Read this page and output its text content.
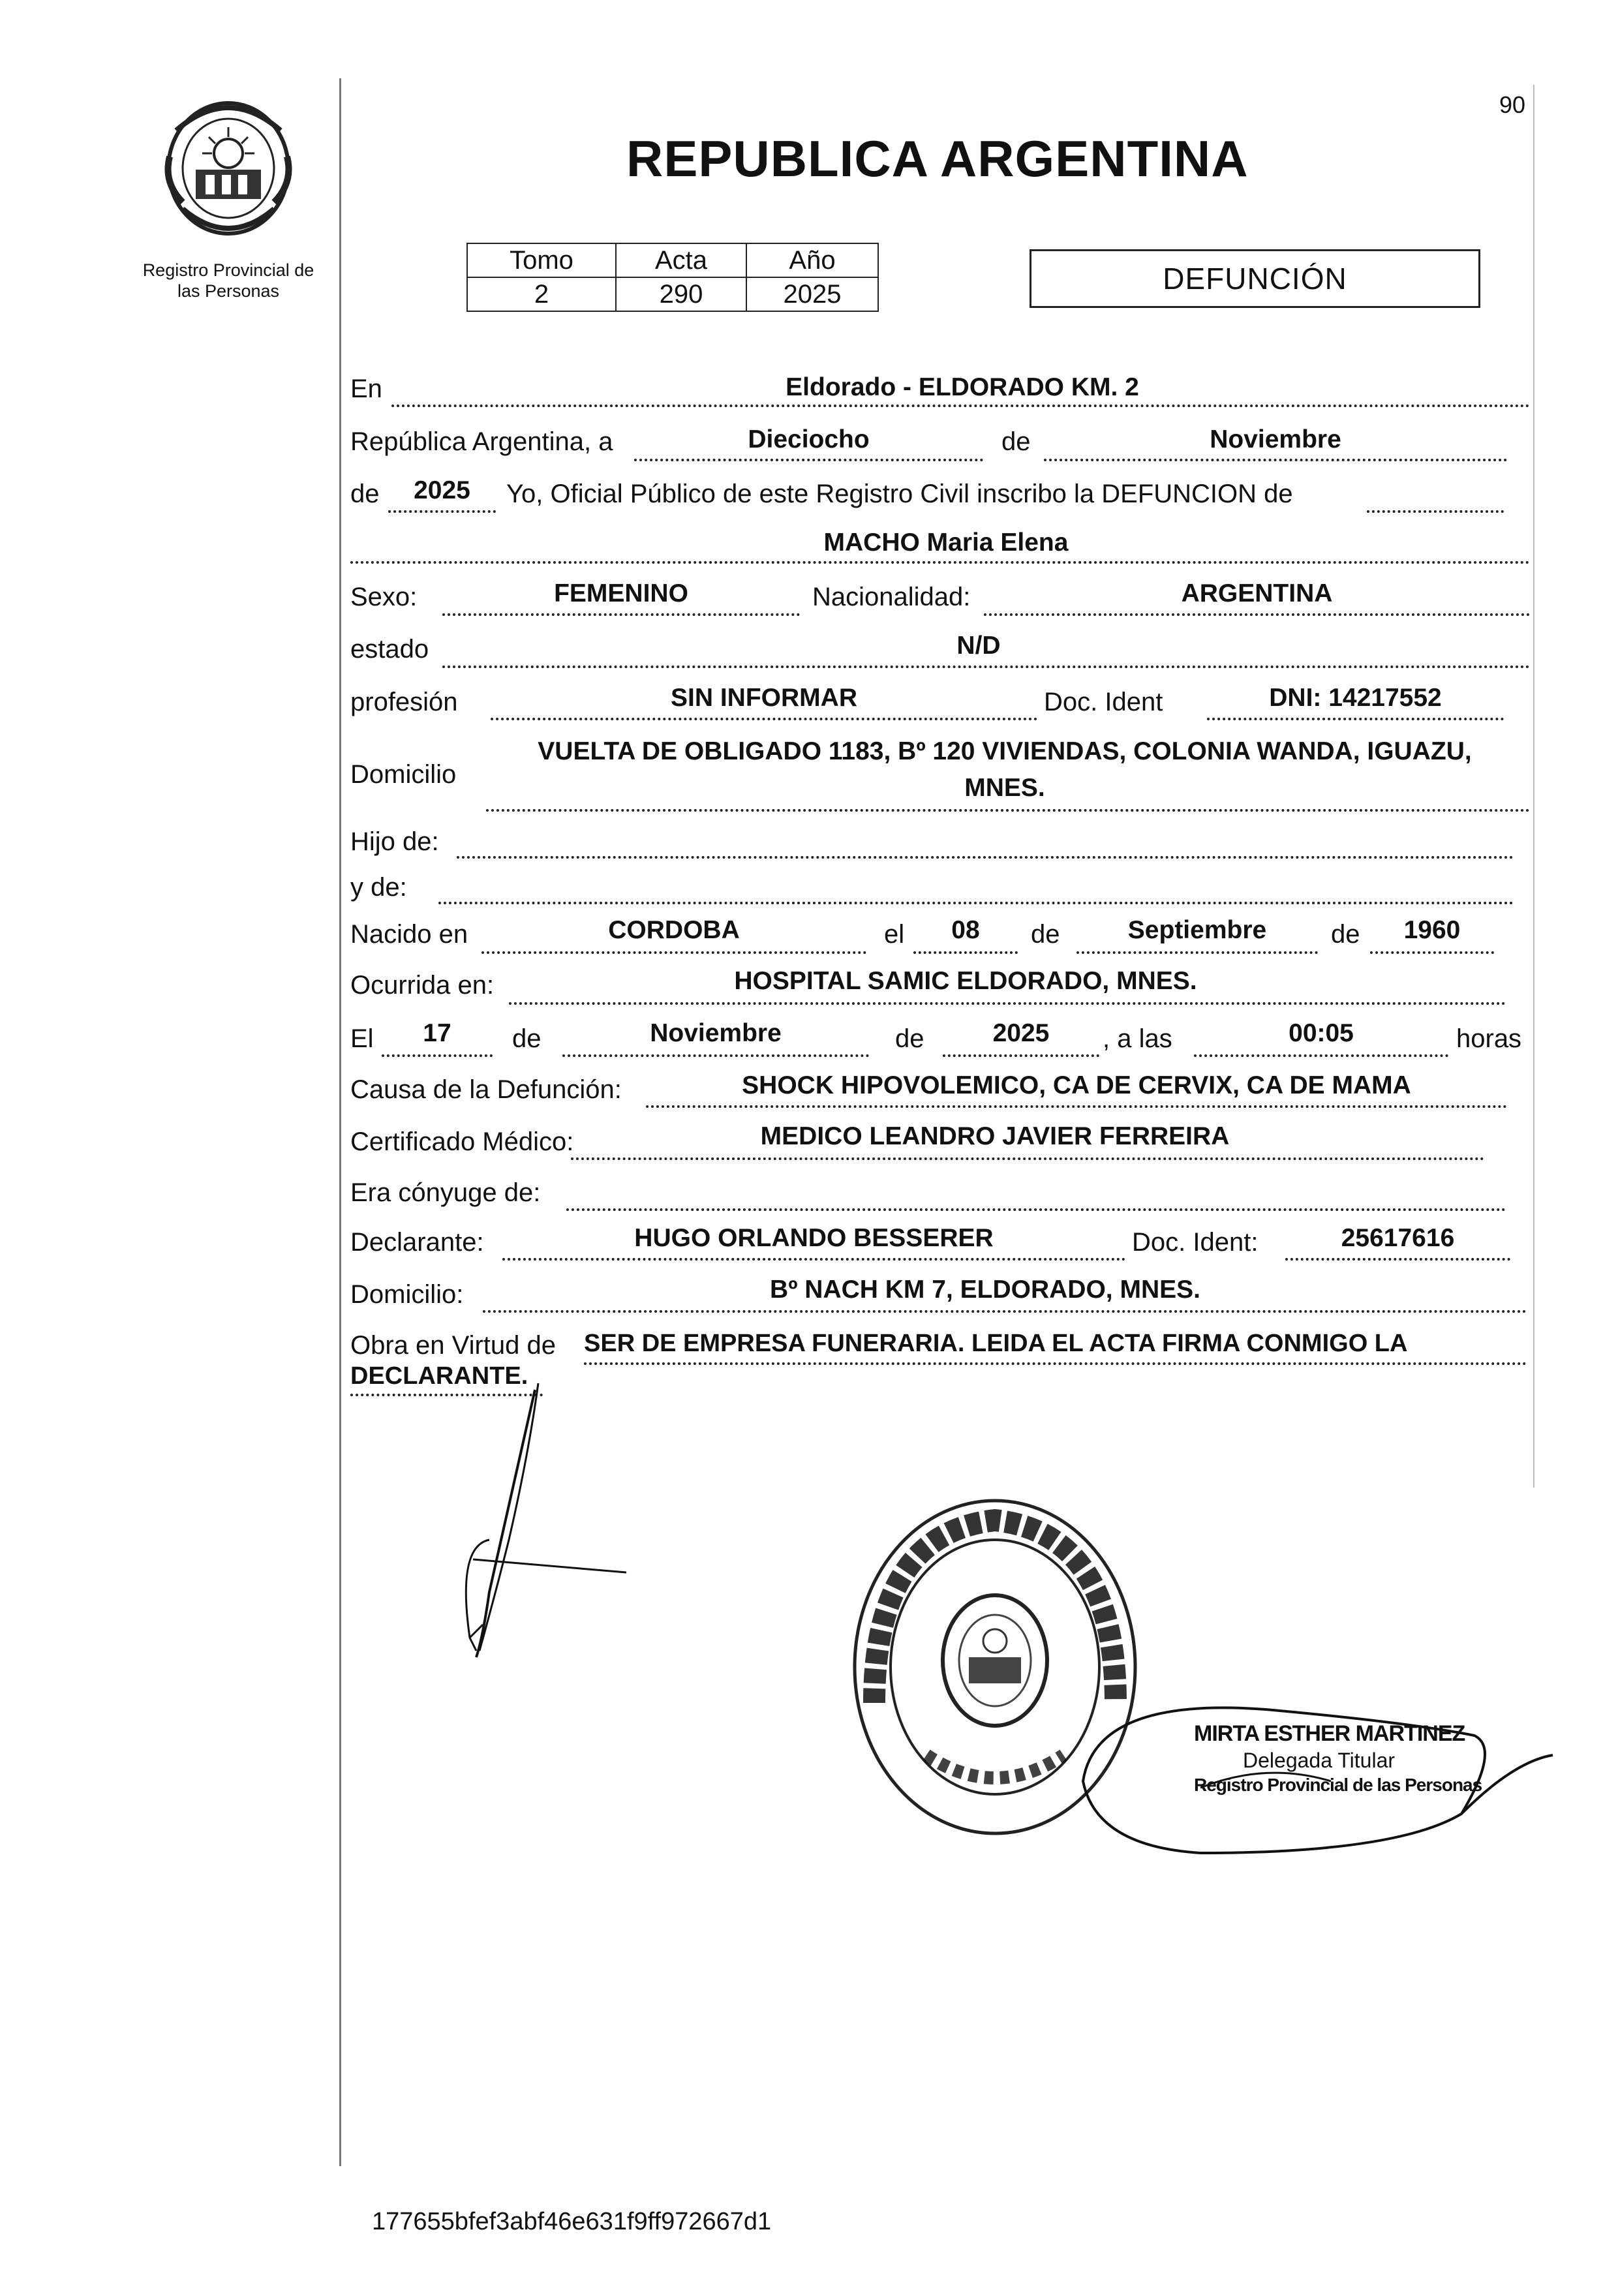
Registro Provincial de
las Personas
90
REPUBLICA ARGENTINA
Tomo	Acta	Año
2	290	2025	DEFUNCIÓN
En	Eldorado - ELDORADO KM. 2
República Argentina, a	Dieciocho	de	Noviembre
de	2025	Yo, Oficial Público de este Registro Civil inscribo la DEFUNCION de
MACHO Maria Elena
Sexo:	FEMENINO	Nacionalidad:	ARGENTINA
estado	N/D
profesión	SIN INFORMAR	Doc. Ident	DNI: 14217552
Domicilio
VUELTA DE OBLIGADO 1183, Bº 120 VIVIENDAS, COLONIA WANDA, IGUAZU,
MNES.
Hijo de:
y de:
Nacido en	CORDOBA	el	08	de	Septiembre	de	1960
Ocurrida en:	HOSPITAL SAMIC ELDORADO, MNES.
El	17	de	Noviembre	de	2025	, a las	00:05	horas
Causa de la Defunción:	SHOCK HIPOVOLEMICO, CA DE CERVIX, CA DE MAMA
Certificado Médico:	MEDICO LEANDRO JAVIER FERREIRA
Era cónyuge de:
Declarante:	HUGO ORLANDO BESSERER	Doc. Ident:	25617616
Domicilio:	Bº NACH KM 7, ELDORADO, MNES.
Obra en Virtud de SER DE EMPRESA FUNERARIA. LEIDA EL ACTA FIRMA CONMIGO LA
DECLARANTE.
MIRTA ESTHER MARTINEZ
Delegada Titular
Registro Provincial de las Personas
177655bfef3abf46e631f9ff972667d1
